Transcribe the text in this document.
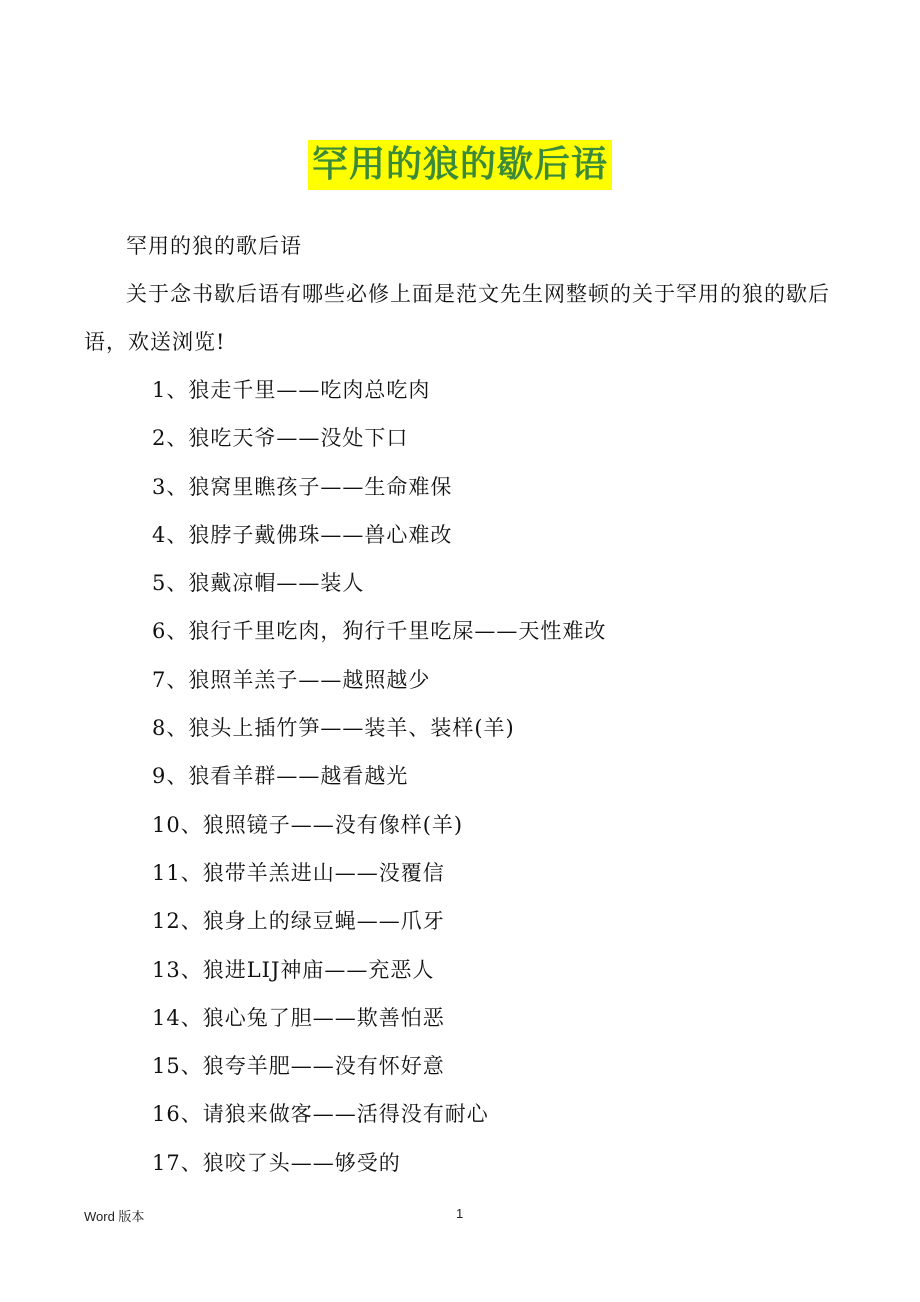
罕用的狼的歇后语

罕用的狼的歌后语

关于念书歇后语有哪些必修上面是范文先生网整顿的关于罕用的狼的歇后语，欢送浏览!

1、狼走千里——吃肉总吃肉
2、狼吃天爷——没处下口
3、狼窝里瞧孩子——生命难保
4、狼脖子戴佛珠——兽心难改
5、狼戴凉帽——装人
6、狼行千里吃肉，狗行千里吃屎——天性难改
7、狼照羊羔子——越照越少
8、狼头上插竹笋——装羊、装样(羊)
9、狼看羊群——越看越光
10、狼照镜子——没有像样(羊)
11、狼带羊羔进山——没覆信
12、狼身上的绿豆蝇——爪牙
13、狼进LIJ神庙——充恶人
14、狼心兔了胆——欺善怕恶
15、狼夸羊肥——没有怀好意
16、请狼来做客——活得没有耐心
17、狼咬了头——够受的
Word 版本	1
